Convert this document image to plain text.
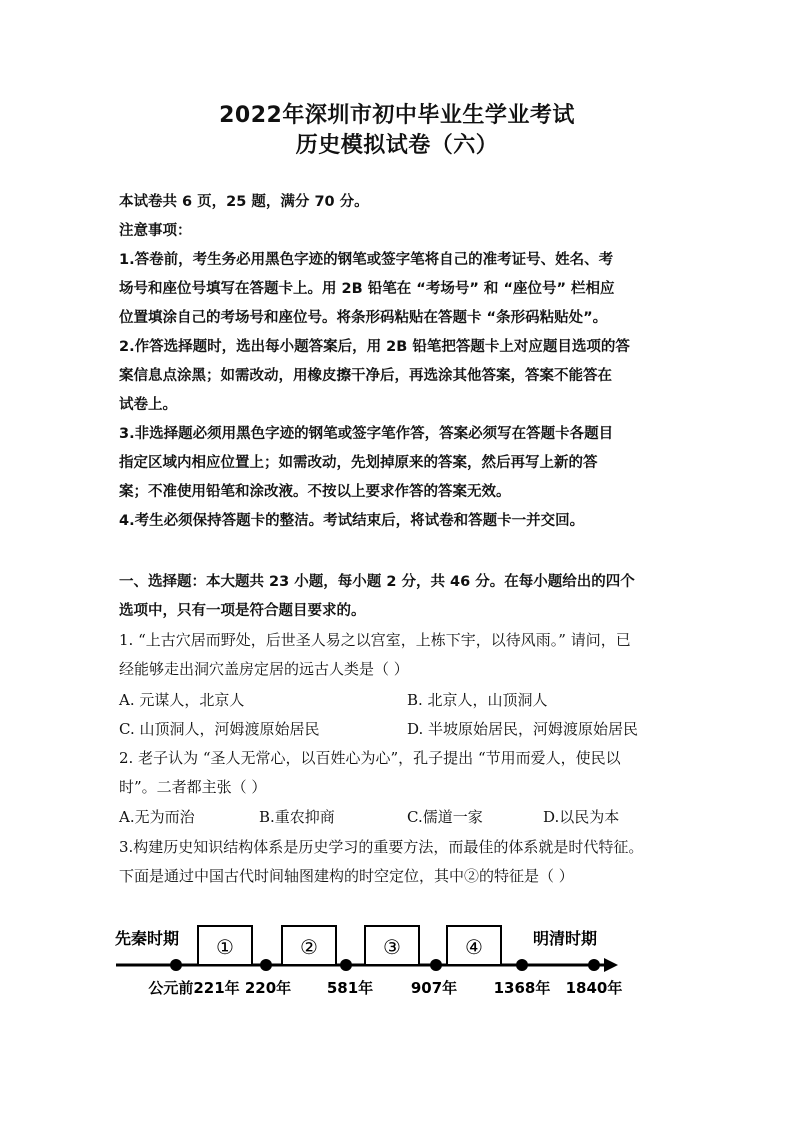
2022年深圳市初中毕业生学业考试
历史模拟试卷（六）
本试卷共 6 页，25 题，满分 70 分。
注意事项：
1.答卷前，考生务必用黑色字迹的钢笔或签字笔将自己的准考证号、姓名、考
场号和座位号填写在答题卡上。用 2B 铅笔在 “考场号” 和 “座位号” 栏相应
位置填涂自己的考场号和座位号。将条形码粘贴在答题卡 “条形码粘贴处”。
2.作答选择题时，选出每小题答案后，用 2B 铅笔把答题卡上对应题目选项的答
案信息点涂黑；如需改动，用橡皮擦干净后，再选涂其他答案，答案不能答在
试卷上。
3.非选择题必须用黑色字迹的钢笔或签字笔作答，答案必须写在答题卡各题目
指定区域内相应位置上；如需改动，先划掉原来的答案，然后再写上新的答
案；不准使用铅笔和涂改液。不按以上要求作答的答案无效。
4.考生必须保持答题卡的整洁。考试结束后，将试卷和答题卡一并交回。
一、选择题：本大题共 23 小题，每小题 2 分，共 46 分。在每小题给出的四个
选项中，只有一项是符合题目要求的。
1. “上古穴居而野处，后世圣人易之以宫室，上栋下宇，以待风雨。” 请问，已
经能够走出洞穴盖房定居的远古人类是（ ）
A. 元谋人，北京人	B. 北京人，山顶洞人
C. 山顶洞人，河姆渡原始居民	D. 半坡原始居民，河姆渡原始居民
2. 老子认为 “圣人无常心，以百姓心为心”，孔子提出 “节用而爱人，使民以
时”。二者都主张（ ）
A.无为而治	B.重农抑商	C.儒道一家	D.以民为本
3.构建历史知识结构体系是历史学习的重要方法，而最佳的体系就是时代特征。
下面是通过中国古代时间轴图建构的时空定位，其中②的特征是（ ）
先秦时期	明清时期
①	②	③	④
公元前221年 220年 581年	907年 1368年 1840年
